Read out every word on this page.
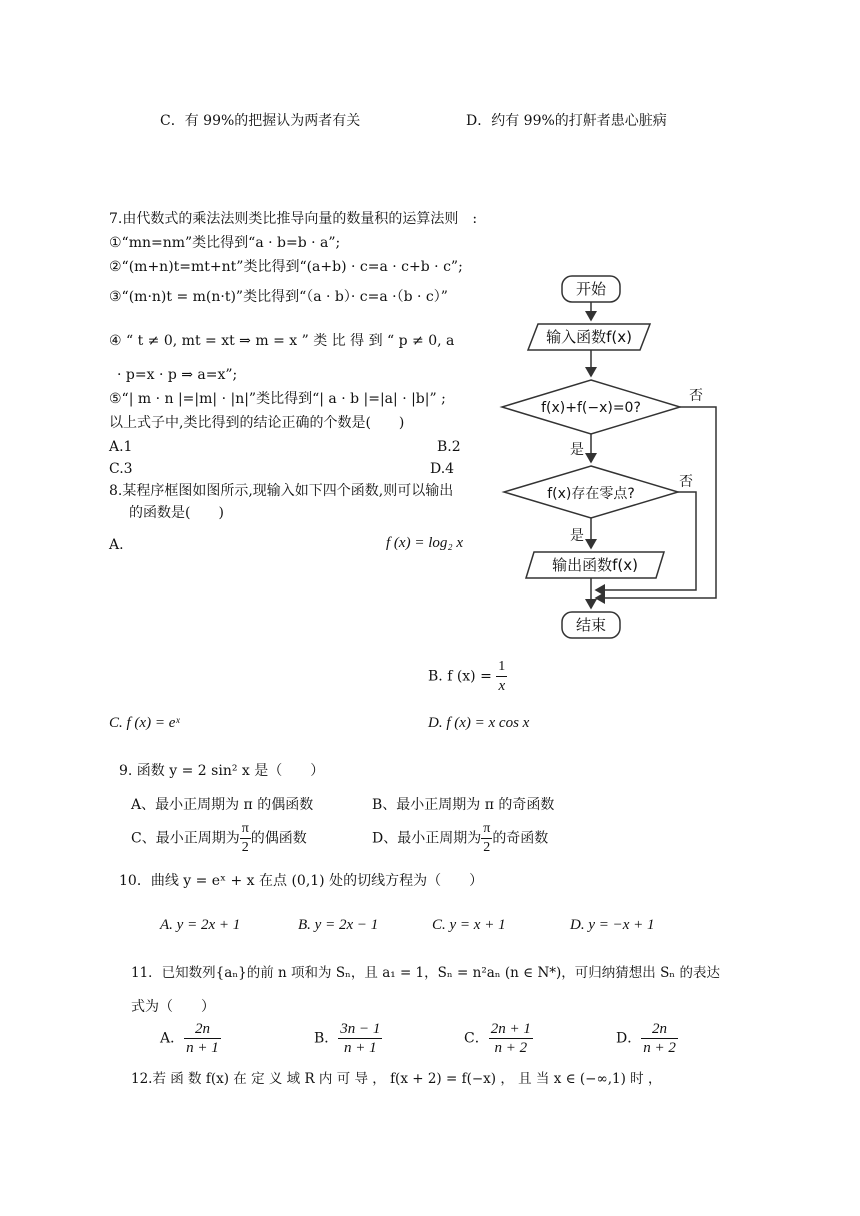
C．有 99%的把握认为两者有关	D．约有 99%的打鼾者患心脏病
7.由代数式的乘法法则类比推导向量的数量积的运算法则　:
①“mn=nm”类比得到“a · b=b · a”;
②“(m+n)t=mt+nt”类比得到“(a+b) · c=a · c+b · c”;
③“(m·n)t = m(n·t)”类比得到“（a · b）· c=a ·（b · c）”
④ “ t ≠ 0, mt = xt ⇒ m = x ” 类 比 得 到 “ p ≠ 0, a
· p=x · p ⇒ a=x”;
⑤“| m · n |=|m| · |n|”类比得到“| a · b |=|a| · |b|” ;
以上式子中,类比得到的结论正确的个数是(　　)
A.1	B.2
C.3	D.4
8.某程序框图如图所示,现输入如下四个函数,则可以输出
的函数是(　　)
A.	f (x) = log₂ x
B. f $(x) = \frac{1}{x}$
C. f (x) = eˣ	D. f (x) = x cos x
开始
输入函数f(x)
f(x)+f(−x)=0?
f(x)存在零点?
输出函数f(x)
结束
是
是
否
否
9. 函数 y = 2 sin² x 是（　　）
A、最小正周期为 π 的偶函数	B、最小正周期为 π 的奇函数
C、最小正周期为 $\frac{\pi}{2}$ 的偶函数	D、最小正周期为 $\frac{\pi}{2}$ 的奇函数
10．曲线 y = eˣ + x 在点 (0,1) 处的切线方程为（　　）
A. y = 2x + 1	B. y = 2x − 1	C. y = x + 1	D. y = −x + 1
11．已知数列{aₙ}的前 n 项和为 Sₙ，且 a₁ = 1，Sₙ = n²aₙ (n ∈ N*)，可归纳猜想出 Sₙ 的表达
式为（　　）
A． $\frac{2n}{n + 1}$	B． $\frac{3n - 1}{n + 1}$	C． $\frac{2n + 1}{n + 2}$	D． $\frac{2n}{n + 2}$
12.若 函 数 f(x) 在 定 义 域 R 内 可 导 ， f(x + 2) = f(−x) ， 且 当 x ∈ (−∞,1) 时 ，
